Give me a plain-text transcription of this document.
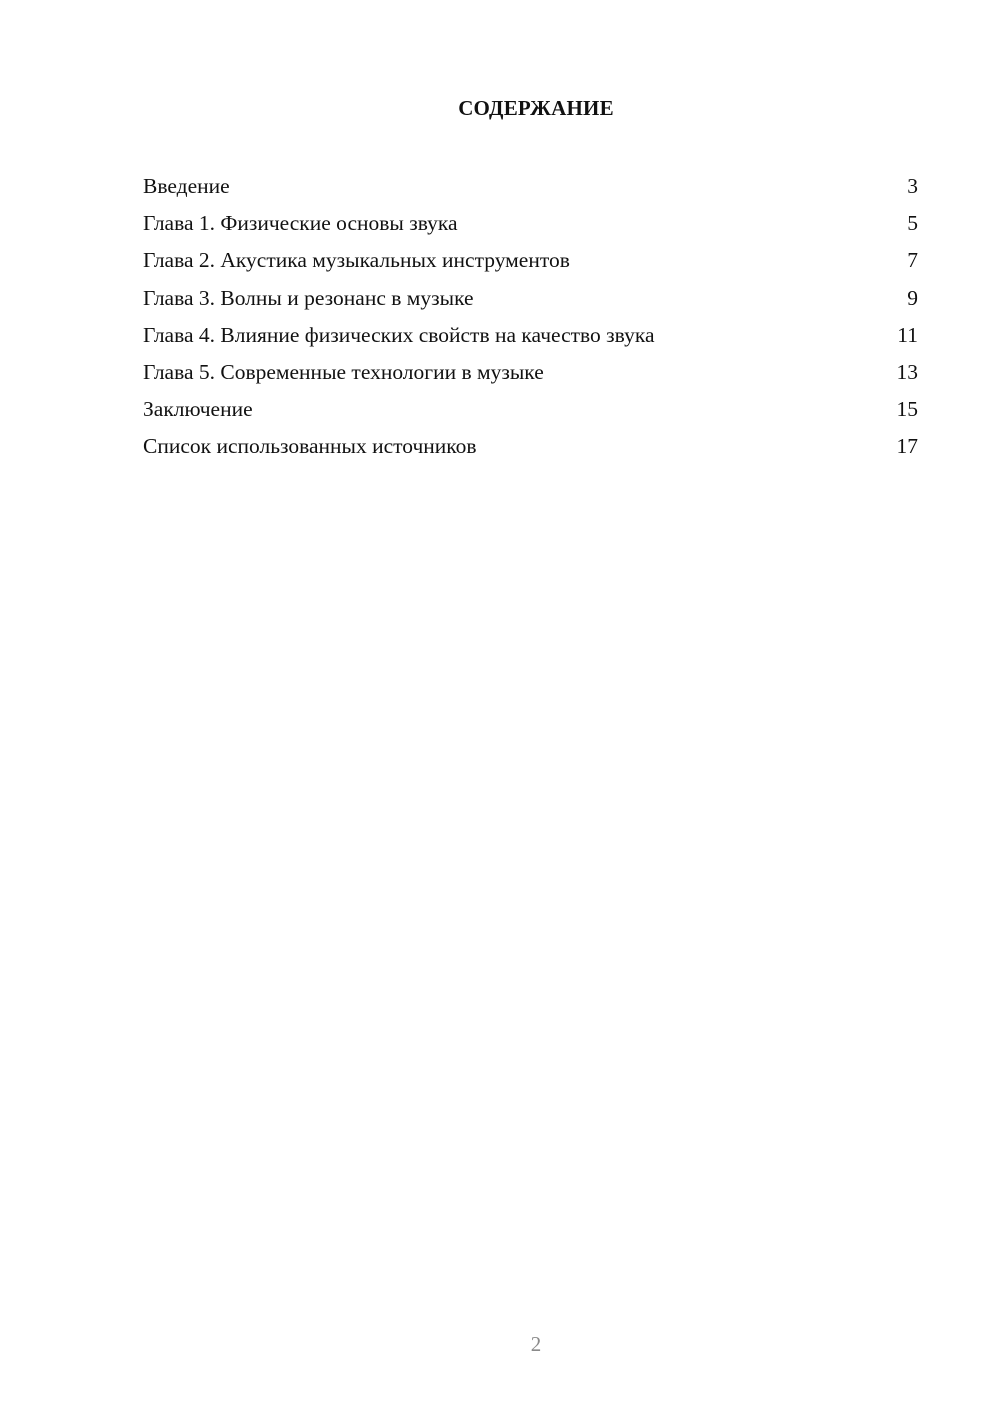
СОДЕРЖАНИЕ
Введение	3
Глава 1. Физические основы звука	5
Глава 2. Акустика музыкальных инструментов	7
Глава 3. Волны и резонанс в музыке	9
Глава 4. Влияние физических свойств на качество звука	11
Глава 5. Современные технологии в музыке	13
Заключение	15
Список использованных источников	17
2
